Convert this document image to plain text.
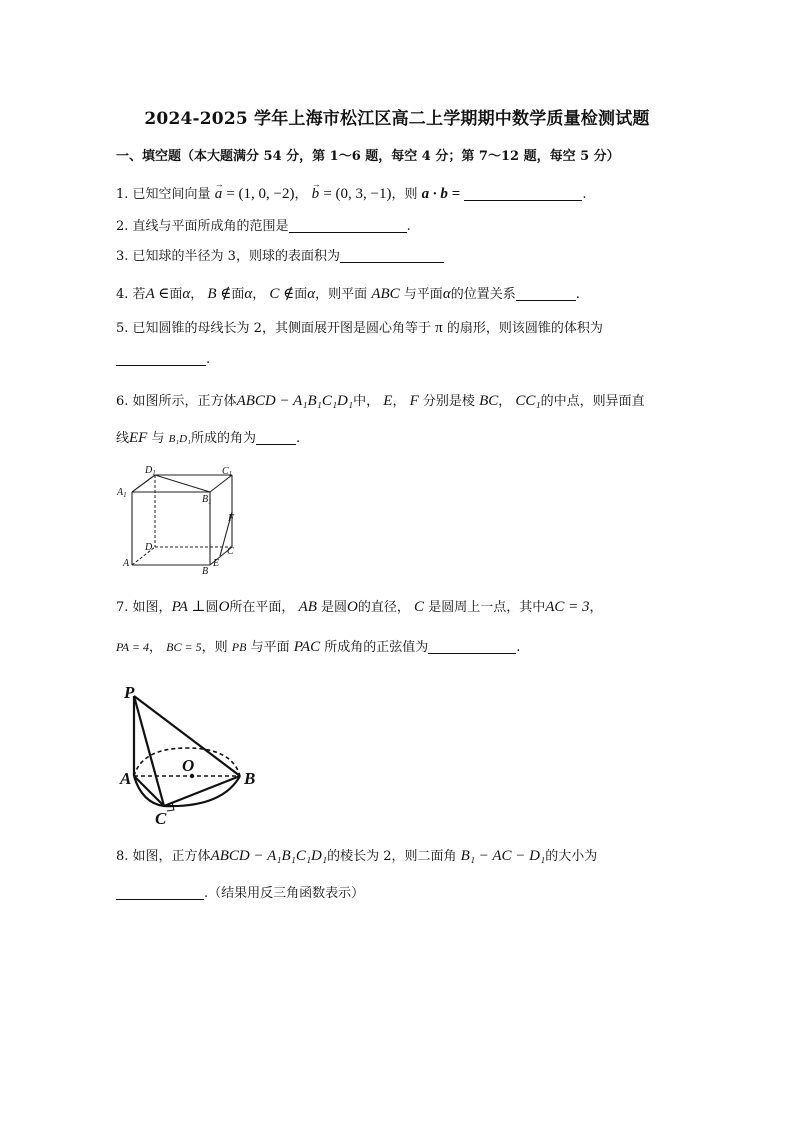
2024-2025 学年上海市松江区高二上学期期中数学质量检测试题
一、填空题（本大题满分 54 分，第 1～6 题，每空 4 分；第 7～12 题，每空 5 分）
1. 已知空间向量 → a = (1, 0, −2)， → b = (0, 3, −1)，则 a · b =	.
2. 直线与平面所成角的范围是	.
3. 已知球的半径为 3，则球的表面积为
4. 若A ∈面α， B ∉面α， C ∉面α，则平面 ABC 与平面α的位置关系	.
5. 已知圆锥的母线长为 2，其侧面展开图是圆心角等于 π 的扇形，则该圆锥的体积为
.
6. 如图所示，正方体ABCD − A₁B₁C₁D₁中， E， F 分别是棱 BC， CC₁的中点，则异面直
线EF 与 B₁D₁所成的角为	.
$D_1$	$C_1$
$A_1$	$B_1$
F
D	C
A	E
B
7. 如图，PA ⊥圆O所在平面， AB 是圆O的直径， C 是圆周上一点，其中AC = 3，
PA = 4， BC = 5，则 PB 与平面 PAC 所成角的正弦值为	.
P
O
A	B
C
8. 如图，正方体ABCD − A₁B₁C₁D₁的棱长为 2，则二面角 B₁ − AC − D₁的大小为
.（结果用反三角函数表示）
